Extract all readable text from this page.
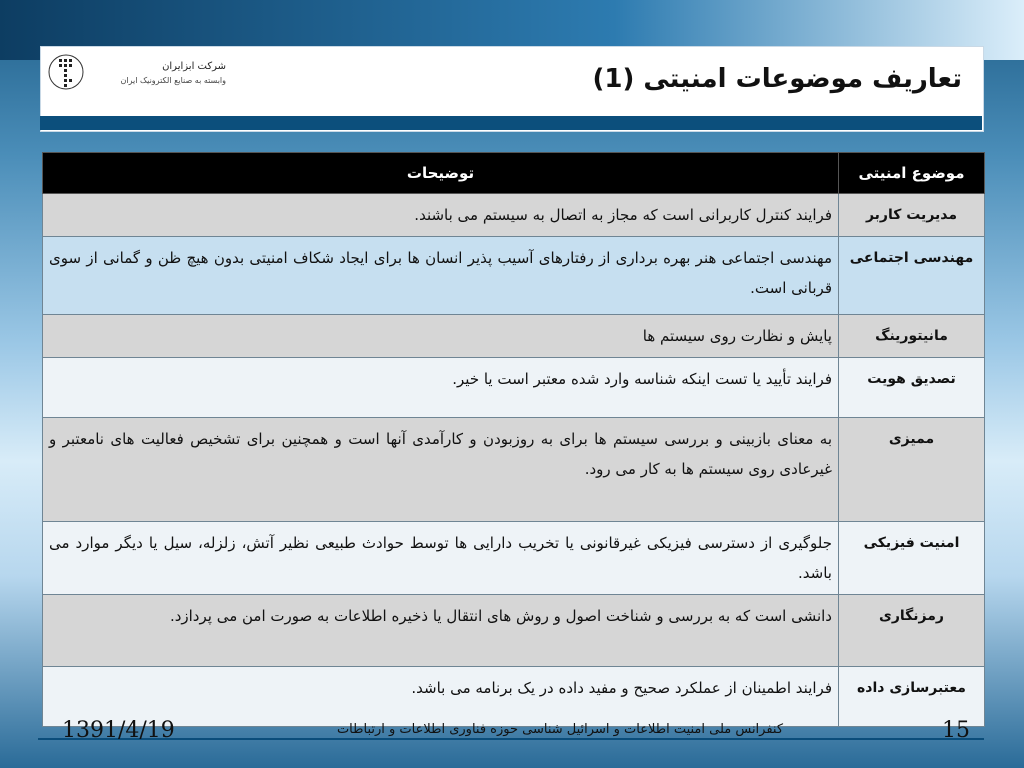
شرکت ابزایران
وابسته به صنایع الکترونیک ایران	تعاریف موضوعات امنیتی (1)
موضوع امنیتی	توضیحات
مدیریت کاربر	فرایند کنترل کاربرانی است که مجاز به اتصال به سیستم می باشند.
مهندسی اجتماعی	مهندسی اجتماعی هنر بهره برداری از رفتارهای آسیب پذیر انسان ها برای ایجاد شکاف امنیتی بدون هیچ ظن و گمانی از سوی قربانی است.
مانیتورینگ	پایش و نظارت روی سیستم ها
تصدیق هویت	فرایند تأیید یا تست اینکه شناسه وارد شده معتبر است یا خیر.
ممیزی	به معنای بازبینی و بررسی سیستم ها برای به روزبودن و کارآمدی آنها است و همچنین برای تشخیص فعالیت های نامعتبر و غیرعادی روی سیستم ها به کار می رود.
امنیت فیزیکی	جلوگیری از دسترسی فیزیکی غیرقانونی یا تخریب دارایی ها توسط حوادث طبیعی نظیر آتش، زلزله، سیل یا دیگر موارد می باشد.
رمزنگاری	دانشی است که به بررسی و شناخت اصول و روش های انتقال یا ذخیره اطلاعات به صورت امن می پردازد.
معتبرسازی داده	فرایند اطمینان از عملکرد صحیح و مفید داده در یک برنامه می باشد.
1391/4/19	کنفرانس ملی امنیت اطلاعات و اسرائیل شناسی حوزه فناوری اطلاعات و ارتباطات	15
